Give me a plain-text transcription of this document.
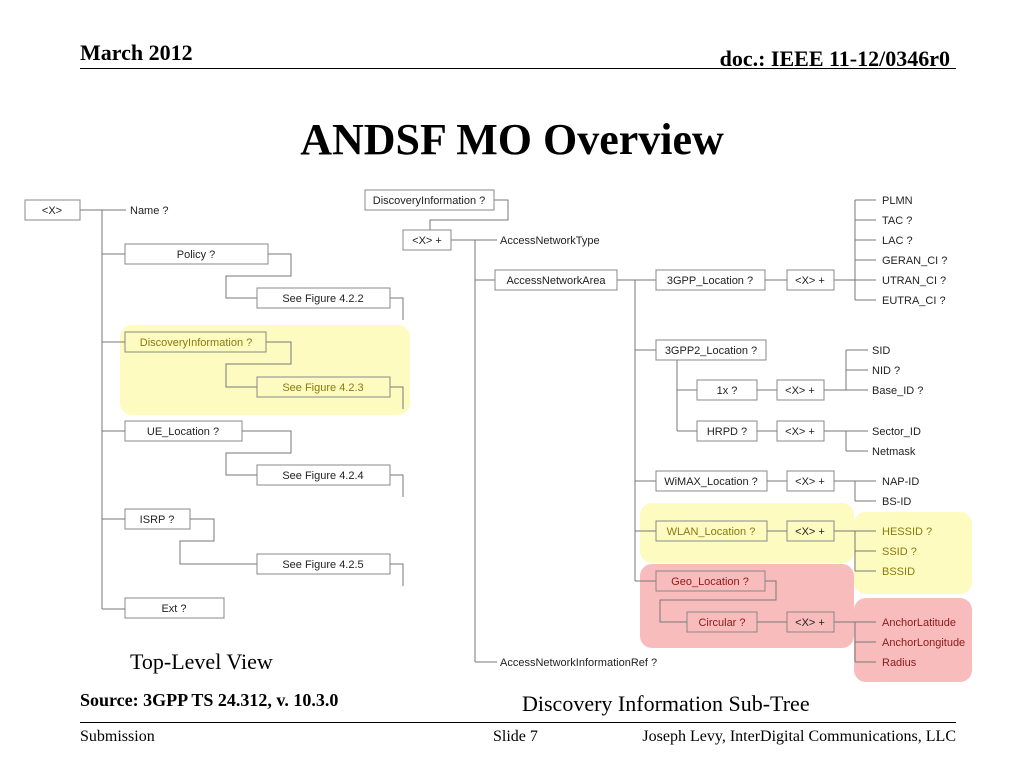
March 2012	doc.: IEEE 11-12/0346r0
ANDSF MO Overview
<X>	Name ?
Policy ?
See Figure 4.2.2
DiscoveryInformation ?
See Figure 4.2.3
UE_Location ?
See Figure 4.2.4
ISRP ?
See Figure 4.2.5
Ext ?
DiscoveryInformation ?
<X> +	AccessNetworkType
AccessNetworkArea
AccessNetworkInformationRef ?
3GPP_Location ?	<X> +
PLMN
TAC ?
LAC ?
GERAN_CI ?
UTRAN_CI ?
EUTRA_CI ?
3GPP2_Location ?
1x ?	<X> +
SID
NID ?
Base_ID ?
HRPD ?	<X> +	Sector_ID
Netmask
WiMAX_Location ?	<X> +	NAP-ID
BS-ID
WLAN_Location ?	<X> +	HESSID ?
SSID ?
BSSID
Geo_Location ?
Circular ?	<X> +	AnchorLatitude
AnchorLongitude
Radius
Top-Level View
Discovery Information Sub-Tree
Source: 3GPP TS 24.312, v. 10.3.0
Submission	Slide 7	Joseph Levy, InterDigital Communications, LLC
